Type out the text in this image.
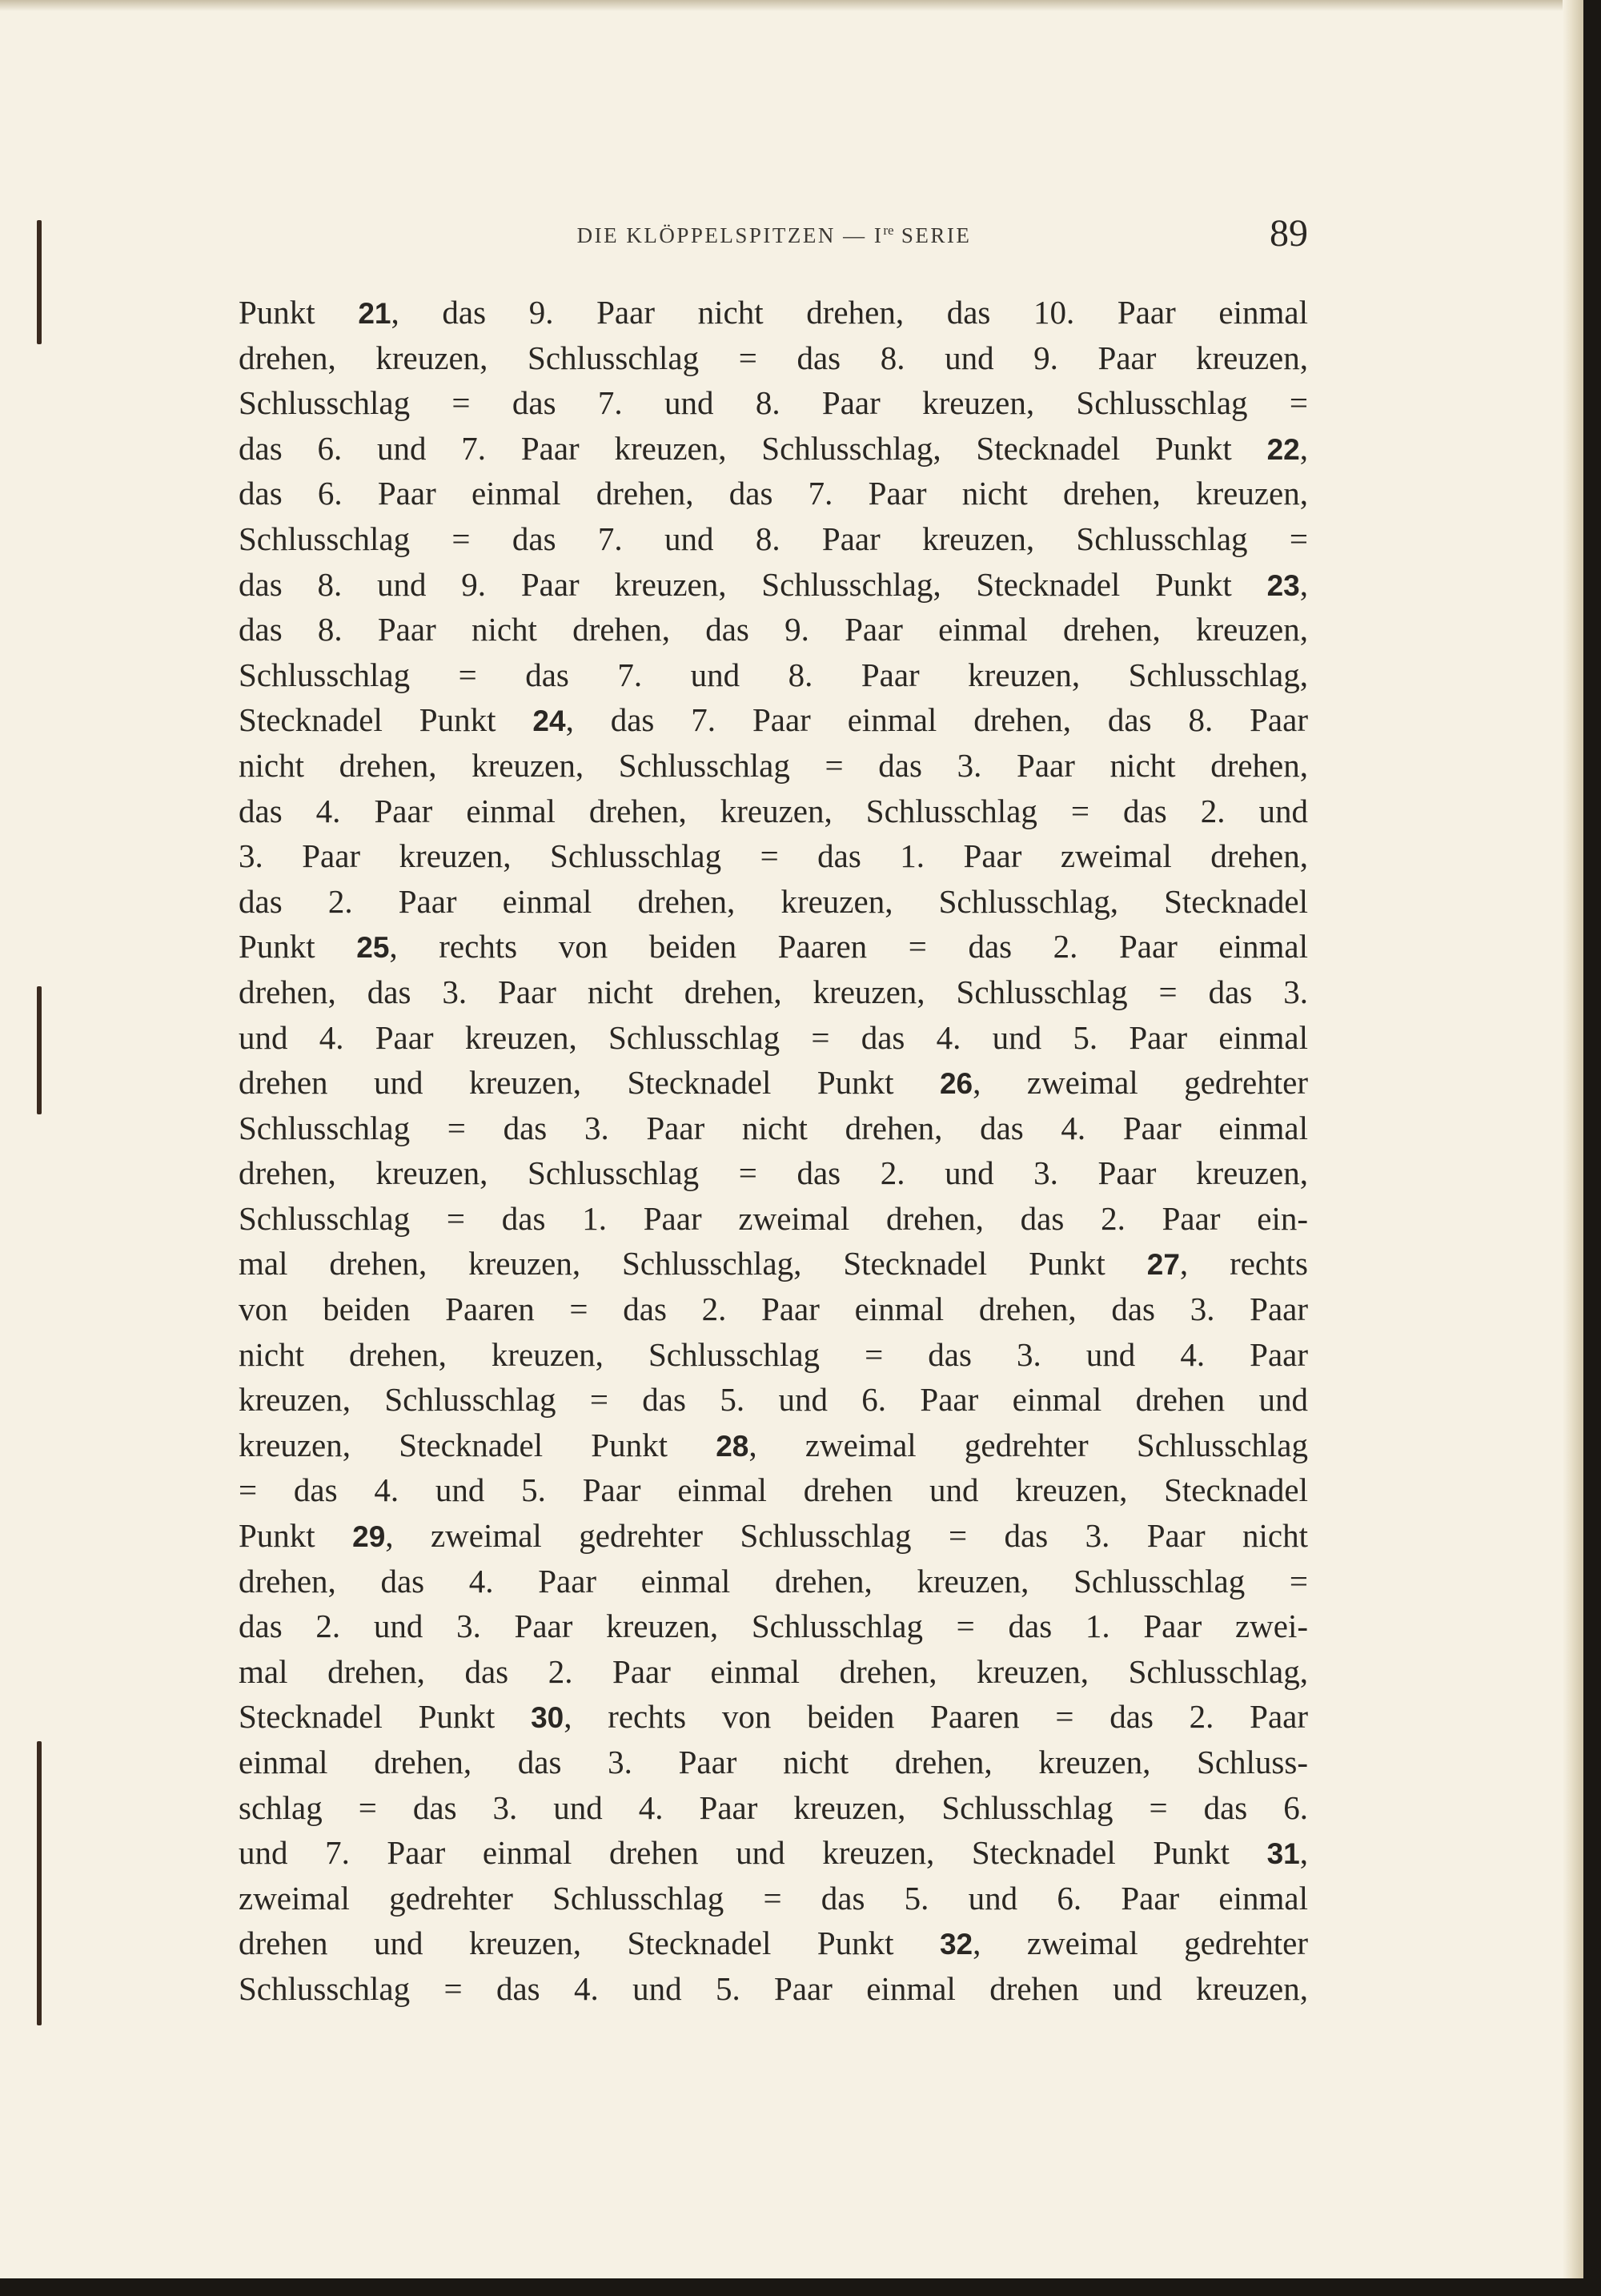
DIE KLÖPPELSPITZEN — Ire SERIE	89
Punkt 21, das 9. Paar nicht drehen, das 10. Paar einmal
drehen, kreuzen, Schlusschlag = das 8. und 9. Paar kreuzen,
Schlusschlag = das 7. und 8. Paar kreuzen, Schlusschlag =
das 6. und 7. Paar kreuzen, Schlusschlag, Stecknadel Punkt 22,
das 6. Paar einmal drehen, das 7. Paar nicht drehen, kreuzen,
Schlusschlag = das 7. und 8. Paar kreuzen, Schlusschlag =
das 8. und 9. Paar kreuzen, Schlusschlag, Stecknadel Punkt 23,
das 8. Paar nicht drehen, das 9. Paar einmal drehen, kreuzen,
Schlusschlag = das 7. und 8. Paar kreuzen, Schlusschlag,
Stecknadel Punkt 24, das 7. Paar einmal drehen, das 8. Paar
nicht drehen, kreuzen, Schlusschlag = das 3. Paar nicht drehen,
das 4. Paar einmal drehen, kreuzen, Schlusschlag = das 2. und
3. Paar kreuzen, Schlusschlag = das 1. Paar zweimal drehen,
das 2. Paar einmal drehen, kreuzen, Schlusschlag, Stecknadel
Punkt 25, rechts von beiden Paaren = das 2. Paar einmal
drehen, das 3. Paar nicht drehen, kreuzen, Schlusschlag = das 3.
und 4. Paar kreuzen, Schlusschlag = das 4. und 5. Paar einmal
drehen und kreuzen, Stecknadel Punkt 26, zweimal gedrehter
Schlusschlag = das 3. Paar nicht drehen, das 4. Paar einmal
drehen, kreuzen, Schlusschlag = das 2. und 3. Paar kreuzen,
Schlusschlag = das 1. Paar zweimal drehen, das 2. Paar ein-
mal drehen, kreuzen, Schlusschlag, Stecknadel Punkt 27, rechts
von beiden Paaren = das 2. Paar einmal drehen, das 3. Paar
nicht drehen, kreuzen, Schlusschlag = das 3. und 4. Paar
kreuzen, Schlusschlag = das 5. und 6. Paar einmal drehen und
kreuzen, Stecknadel Punkt 28, zweimal gedrehter Schlusschlag
= das 4. und 5. Paar einmal drehen und kreuzen, Stecknadel
Punkt 29, zweimal gedrehter Schlusschlag = das 3. Paar nicht
drehen, das 4. Paar einmal drehen, kreuzen, Schlusschlag =
das 2. und 3. Paar kreuzen, Schlusschlag = das 1. Paar zwei-
mal drehen, das 2. Paar einmal drehen, kreuzen, Schlusschlag,
Stecknadel Punkt 30, rechts von beiden Paaren = das 2. Paar
einmal drehen, das 3. Paar nicht drehen, kreuzen, Schluss-
schlag = das 3. und 4. Paar kreuzen, Schlusschlag = das 6.
und 7. Paar einmal drehen und kreuzen, Stecknadel Punkt 31,
zweimal gedrehter Schlusschlag = das 5. und 6. Paar einmal
drehen und kreuzen, Stecknadel Punkt 32, zweimal gedrehter
Schlusschlag = das 4. und 5. Paar einmal drehen und kreuzen,
